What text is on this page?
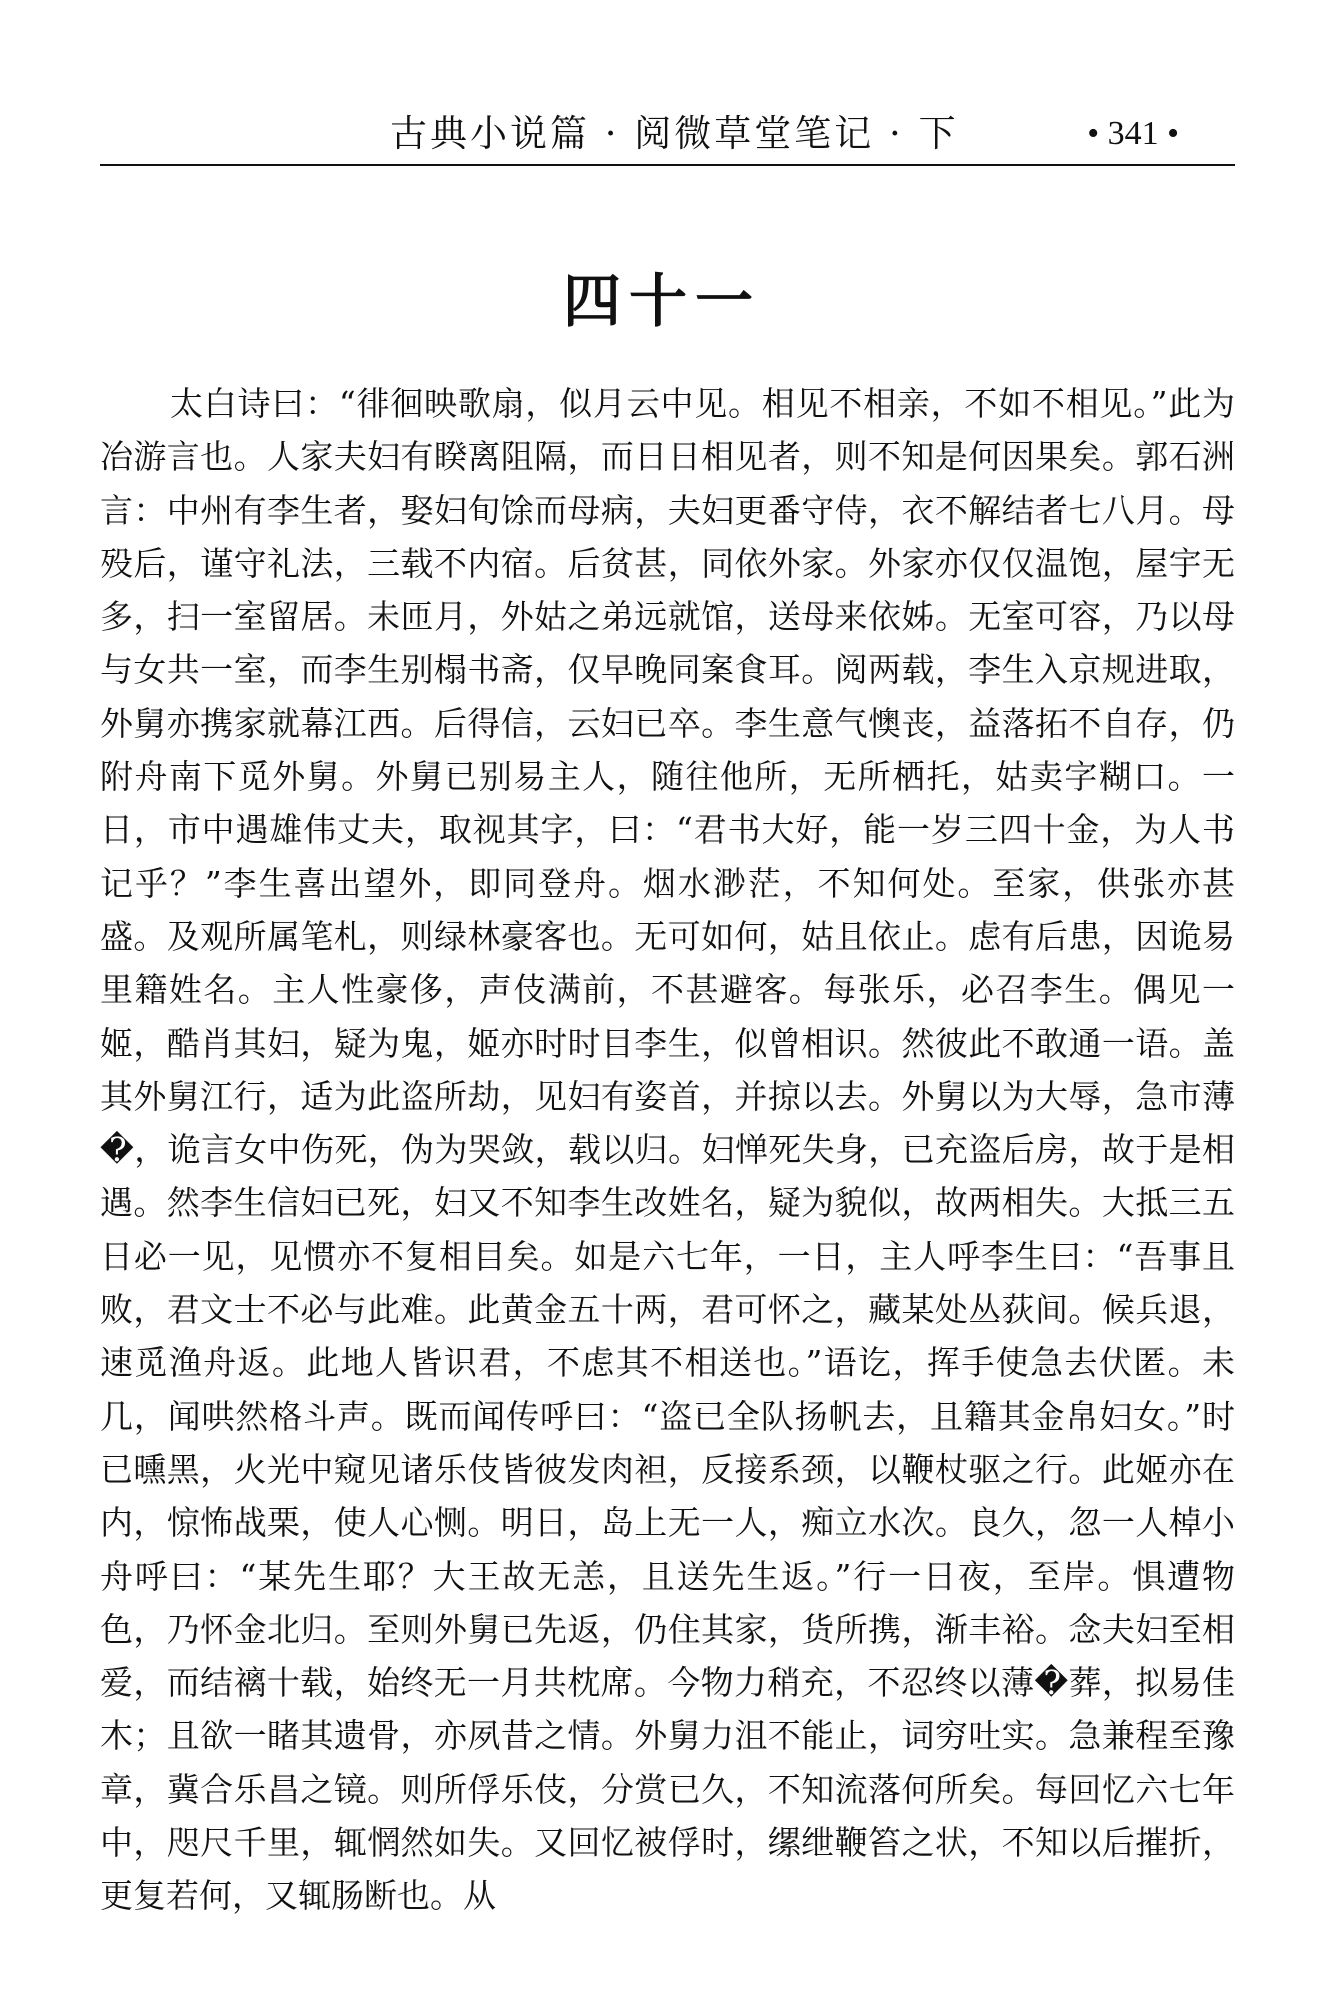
古典小说篇 · 阅微草堂笔记 · 下	• 341 •
四十一

太白诗曰：“徘徊映歌扇，似月云中见。相见不相亲，不如不相见。”此为冶游言也。人家夫妇有睽离阻隔，而日日相见者，则不知是何因果矣。郭石洲言：中州有李生者，娶妇旬馀而母病，夫妇更番守侍，衣不解结者七八月。母殁后，谨守礼法，三载不内宿。后贫甚，同依外家。外家亦仅仅温饱，屋宇无多，扫一室留居。未匝月，外姑之弟远就馆，送母来依姊。无室可容，乃以母与女共一室，而李生别榻书斋，仅早晚同案食耳。阅两载，李生入京规进取，外舅亦携家就幕江西。后得信，云妇已卒。李生意气懊丧，益落拓不自存，仍附舟南下觅外舅。外舅已别易主人，随往他所，无所栖托，姑卖字糊口。一日，市中遇雄伟丈夫，取视其字，曰：“君书大好，能一岁三四十金，为人书记乎？”李生喜出望外，即同登舟。烟水渺茫，不知何处。至家，供张亦甚盛。及观所属笔札，则绿林豪客也。无可如何，姑且依止。虑有后患，因诡易里籍姓名。主人性豪侈，声伎满前，不甚避客。每张乐，必召李生。偶见一姬，酷肖其妇，疑为鬼，姬亦时时目李生，似曾相识。然彼此不敢通一语。盖其外舅江行，适为此盗所劫，见妇有姿首，并掠以去。外舅以为大辱，急市薄�，诡言女中伤死，伪为哭敛，载以归。妇惮死失身，已充盗后房，故于是相遇。然李生信妇已死，妇又不知李生改姓名，疑为貌似，故两相失。大抵三五日必一见，见惯亦不复相目矣。如是六七年，一日，主人呼李生曰：“吾事且败，君文士不必与此难。此黄金五十两，君可怀之，藏某处丛荻间。候兵退，速觅渔舟返。此地人皆识君，不虑其不相送也。”语讫，挥手使急去伏匿。未几，闻哄然格斗声。既而闻传呼曰：“盗已全队扬帆去，且籍其金帛妇女。”时已曛黑，火光中窥见诸乐伎皆彼发肉袒，反接系颈，以鞭杖驱之行。此姬亦在内，惊怖战栗，使人心恻。明日，岛上无一人，痴立水次。良久，忽一人棹小舟呼曰：“某先生耶？大王故无恙，且送先生返。”行一日夜，至岸。惧遭物色，乃怀金北归。至则外舅已先返，仍住其家，货所携，渐丰裕。念夫妇至相爱，而结褵十载，始终无一月共枕席。今物力稍充，不忍终以薄�葬，拟易佳木；且欲一睹其遗骨，亦夙昔之情。外舅力沮不能止，词穷吐实。急兼程至豫章，冀合乐昌之镜。则所俘乐伎，分赏已久，不知流落何所矣。每回忆六七年中，咫尺千里，辄惘然如失。又回忆被俘时，缧绁鞭笞之状，不知以后摧折，更复若何，又辄肠断也。从
